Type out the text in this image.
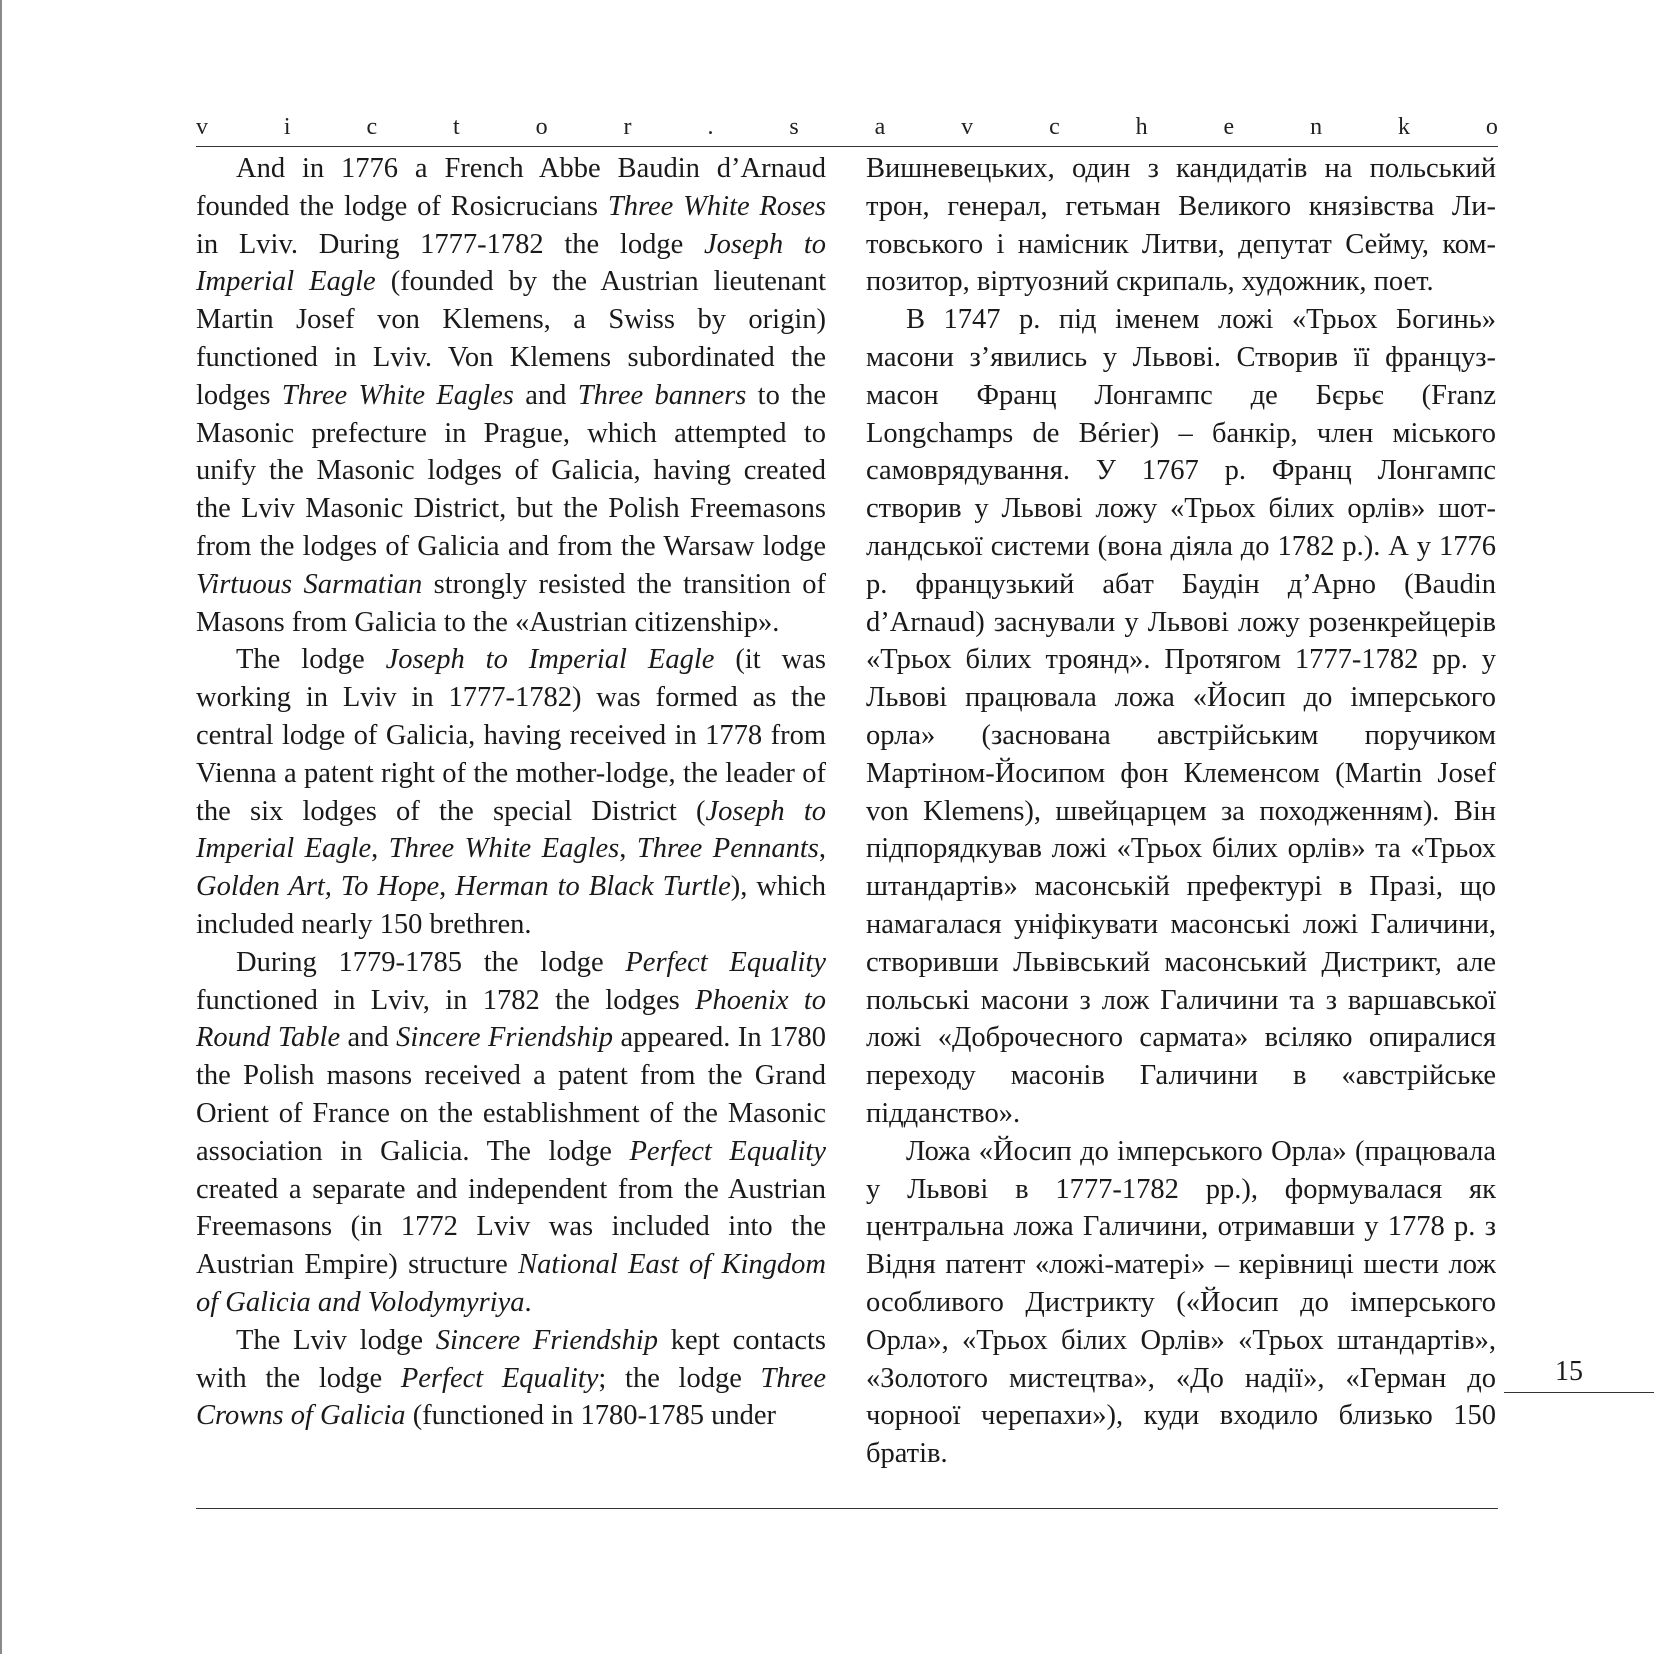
v	i	c	t	o	r	.	s	a	v	c	h	e	n	k	o

And in 1776 a French Abbe Baudin d’Arnaud founded the lodge of Rosicrucians Three White Roses in Lviv. During 1777-1782 the lodge Joseph to Imperial Eagle (founded by the Austrian lieutenant Martin Josef von Klemens, a Swiss by origin) functioned in Lviv. Von Klemens subordinated the lodges Three White Eagles and Three banners to the Masonic prefecture in Prague, which attempted to unify the Masonic lodges of Galicia, having created the Lviv Masonic District, but the Polish Freemasons from the lodges of Galicia and from the Warsaw lodge Virtuous Sarmatian strongly resisted the transition of Masons from Galicia to the «Austrian citizenship».

The lodge Joseph to Imperial Eagle (it was working in Lviv in 1777-1782) was formed as the central lodge of Galicia, having received in 1778 from Vienna a patent right of the mother-lodge, the leader of the six lodges of the special District (Joseph to Imperial Eagle, Three White Eagles, Three Pennants, Golden Art, To Hope, Herman to Black Turtle), which included nearly 150 brethren.

During 1779-1785 the lodge Perfect Equality functioned in Lviv, in 1782 the lodges Phoenix to Round Table and Sincere Friendship appeared. In 1780 the Polish masons received a patent from the Grand Orient of France on the establishment of the Masonic association in Galicia. The lodge Perfect Equality created a separate and independent from the Austrian Freemasons (in 1772 Lviv was included into the Austrian Empire) structure National East of Kingdom of Galicia and Volodymyriya.

The Lviv lodge Sincere Friendship kept contacts with the lodge Perfect Equality; the lodge Three Crowns of Galicia (functioned in 1780-1785 under

Вишневецьких, один з кандидатів на польський трон, генерал, гетьман Великого князівства Литовського і намісник Литви, депутат Сейму, композитор, віртуозний скрипаль, художник, поет.

В 1747 р. під іменем ложі «Трьох Богинь» масони з’явились у Львові. Створив її француз-масон Франц Лонгампс де Бєрьє (Franz Longchamps de Bérier) – банкір, член міського самоврядування. У 1767 р. Франц Лонгампс створив у Львові ложу «Трьох білих орлів» шотландської системи (вона діяла до 1782 р.). А у 1776 р. французький абат Баудін д’Арно (Baudin d’Arnaud) заснували у Львові ложу розенкрейцерів «Трьох білих троянд». Протягом 1777-1782 рр. у Львові працювала ложа «Йосип до імперського орла» (заснована австрійським поручиком Мартіном-Йосипом фон Клеменсом (Martin Josef von Klemens), швейцарцем за походженням). Він підпорядкував ложі «Трьох білих орлів» та «Трьох штандартів» масонській префектурі в Празі, що намагалася уніфікувати масонські ложі Галичини, створивши Львівський масонський Дистрикт, але польські масони з лож Галичини та з варшавської ложі «Доброчесного сармата» всіляко опиралися переходу масонів Галичини в «австрійське підданство».

Ложа «Йосип до імперського Орла» (працювала у Львові в 1777-1782 рр.), формувалася як центральна ложа Галичини, отримавши у 1778 р. з Відня патент «ложі-матері» – керівниці шести лож особливого Дистрикту («Йосип до імперського Орла», «Трьох білих Орлів» «Трьох штандартів», «Золотого мистецтва», «До надії», «Герман до чорноої черепахи»), куди входило близько 150 братів.

15
